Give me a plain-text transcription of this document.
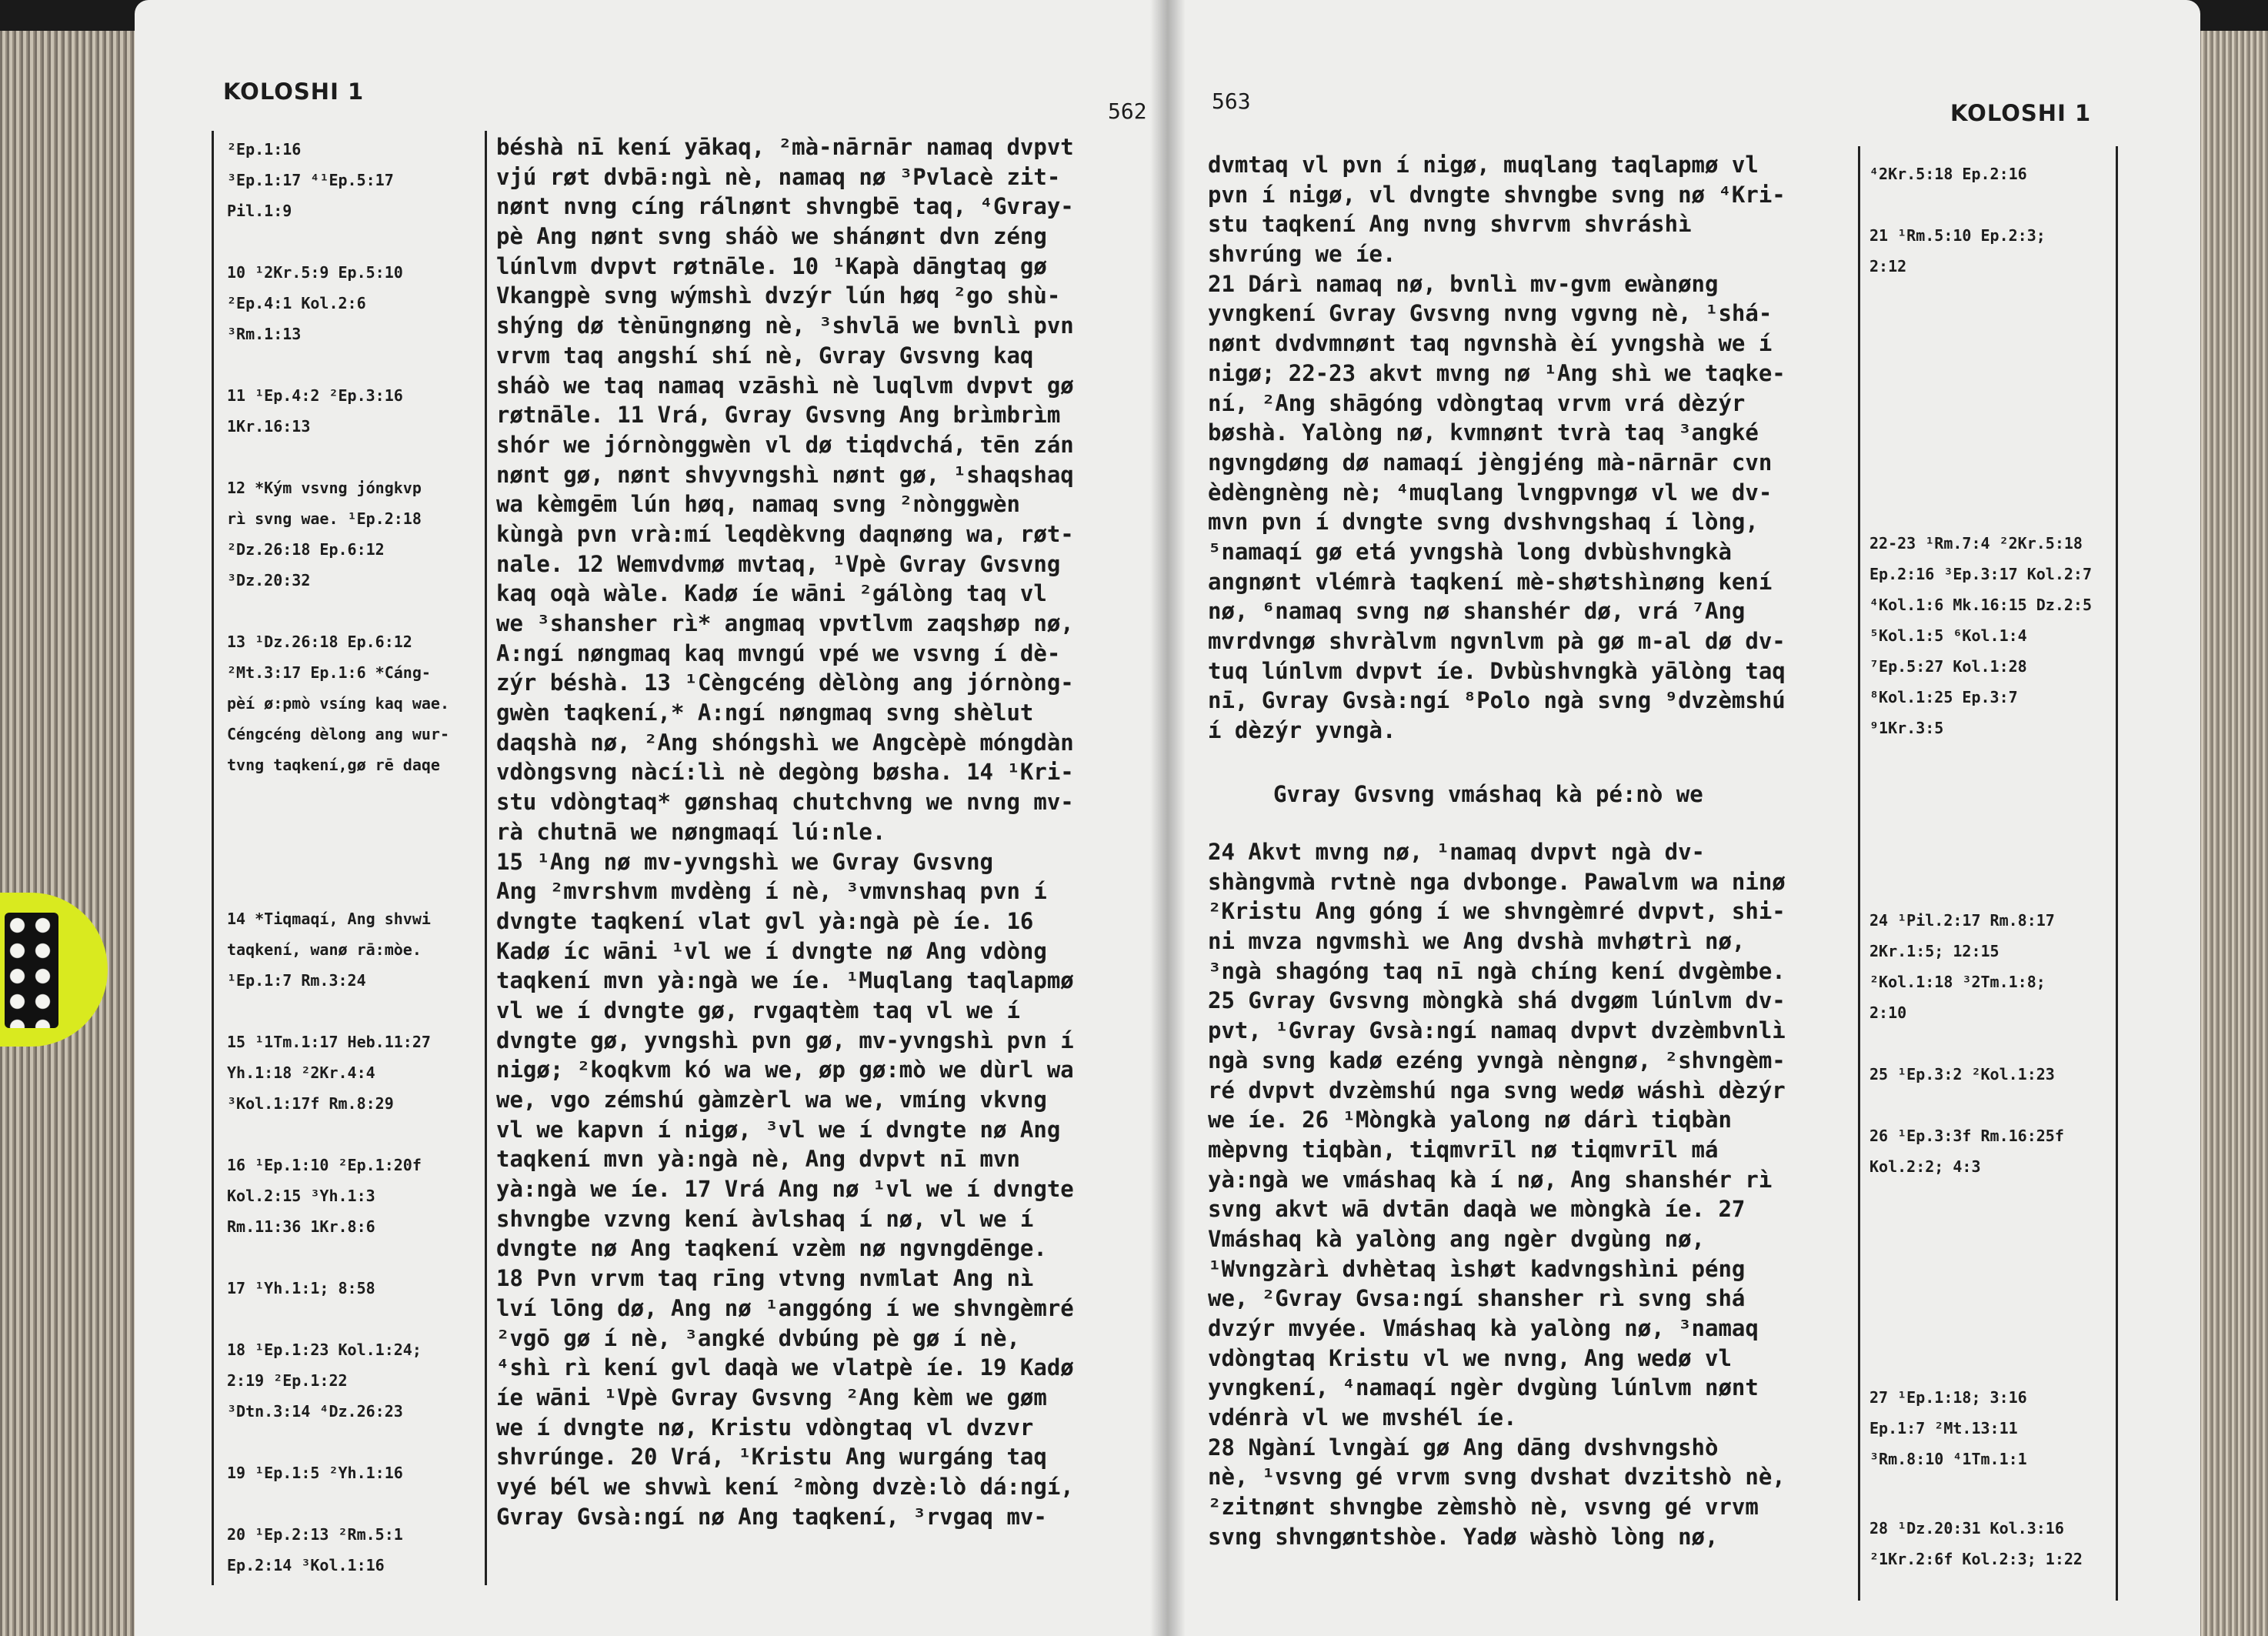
KOLOSHI 1
562
²Ep.1:16
³Ep.1:17 ⁴¹Ep.5:17
Pil.1:9
10 ¹2Kr.5:9 Ep.5:10
²Ep.4:1 Kol.2:6
³Rm.1:13
11 ¹Ep.4:2 ²Ep.3:16
1Kr.16:13
12 *Kým vsvng jóngkvp
rì svng wae. ¹Ep.2:18
²Dz.26:18 Ep.6:12
³Dz.20:32
13 ¹Dz.26:18 Ep.6:12
²Mt.3:17 Ep.1:6 *Cáng-
pèí ø:pmò vsíng kaq wae.
Céngcéng dèlong ang wur-
tvng taqkení,gø rē daqe
14 *Tiqmaqí, Ang shvwi
taqkení, wanø rā:mòe.
¹Ep.1:7 Rm.3:24
15 ¹1Tm.1:17 Heb.11:27
Yh.1:18 ²2Kr.4:4
³Kol.1:17f Rm.8:29
16 ¹Ep.1:10 ²Ep.1:20f
Kol.2:15 ³Yh.1:3
Rm.11:36 1Kr.8:6
17 ¹Yh.1:1; 8:58
18 ¹Ep.1:23 Kol.1:24;
2:19 ²Ep.1:22
³Dtn.3:14 ⁴Dz.26:23
19 ¹Ep.1:5 ²Yh.1:16
20 ¹Ep.2:13 ²Rm.5:1
Ep.2:14 ³Kol.1:16
béshà nī kení yākaq, ²mà-nārnār namaq dvpvt
vjú røt dvbā:ngì nè, namaq nø ³Pvlacè zit-
nønt nvng cíng rálnønt shvngbē taq, ⁴Gvray-
pè Ang nønt svng sháò we shánønt dvn zéng
lúnlvm dvpvt røtnāle. 10 ¹Kapà dāngtaq gø
Vkangpè svng wýmshì dvzýr lún høq ²go shù-
shýng dø tènūngnøng nè, ³shvlā we bvnlì pvn
vrvm taq angshí shí nè, Gvray Gvsvng kaq
sháò we taq namaq vzāshì nè luqlvm dvpvt gø
røtnāle. 11 Vrá, Gvray Gvsvng Ang brìmbrìm
shór we jórnònggwèn vl dø tiqdvchá, tēn zán
nønt gø, nønt shvyvngshì nønt gø, ¹shaqshaq
wa kèmgēm lún høq, namaq svng ²nònggwèn
kùngà pvn vrà:mí leqdèkvng daqnøng wa, røt-
nale. 12 Wemvdvmø mvtaq, ¹Vpè Gvray Gvsvng
kaq oqà wàle. Kadø íe wāni ²gálòng taq vl
we ³shansher rì* angmaq vpvtlvm zaqshøp nø,
A:ngí nøngmaq kaq mvngú vpé we vsvng í dè-
zýr béshà. 13 ¹Cèngcéng dèlòng ang jórnòng-
gwèn taqkení,* A:ngí nøngmaq svng shèlut
daqshà nø, ²Ang shóngshì we Angcèpè móngdàn
vdòngsvng nàcí:lì nè degòng bøsha. 14 ¹Kri-
stu vdòngtaq* gønshaq chutchvng we nvng mv-
rà chutnā we nøngmaqí lú:nle.
15 ¹Ang nø mv-yvngshì we Gvray Gvsvng
Ang ²mvrshvm mvdèng í nè, ³vmvnshaq pvn í
dvngte taqkení vlat gvl yà:ngà pè íe. 16
Kadø íc wāni ¹vl we í dvngte nø Ang vdòng
taqkení mvn yà:ngà we íe. ¹Muqlang taqlapmø
vl we í dvngte gø, rvgaqtèm taq vl we í
dvngte gø, yvngshì pvn gø, mv-yvngshì pvn í
nigø; ²koqkvm kó wa we, øp gø:mò we dùrl wa
we, vgo zémshú gàmzèrl wa we, vmíng vkvng
vl we kapvn í nigø, ³vl we í dvngte nø Ang
taqkení mvn yà:ngà nè, Ang dvpvt nī mvn
yà:ngà we íe. 17 Vrá Ang nø ¹vl we í dvngte
shvngbe vzvng kení àvlshaq í nø, vl we í
dvngte nø Ang taqkení vzèm nø ngvngdēnge.
18 Pvn vrvm taq rīng vtvng nvmlat Ang nì
lví lōng dø, Ang nø ¹anggóng í we shvngèmré
²vgō gø í nè, ³angké dvbúng pè gø í nè,
⁴shì rì kení gvl daqà we vlatpè íe. 19 Kadø
íe wāni ¹Vpè Gvray Gvsvng ²Ang kèm we gøm
we í dvngte nø, Kristu vdòngtaq vl dvzvr
shvrúnge. 20 Vrá, ¹Kristu Ang wurgáng taq
vyé bél we shvwì kení ²mòng dvzè:lò dá:ngí,
Gvray Gvsà:ngí nø Ang taqkení, ³rvgaq mv-
563	KOLOSHI 1
dvmtaq vl pvn í nigø, muqlang taqlapmø vl
pvn í nigø, vl dvngte shvngbe svng nø ⁴Kri-
stu taqkení Ang nvng shvrvm shvráshì
shvrúng we íe.
21 Dárì namaq nø, bvnlì mv-gvm ewànøng
yvngkení Gvray Gvsvng nvng vgvng nè, ¹shá-
nønt dvdvmnønt taq ngvnshà èí yvngshà we í
nigø; 22-23 akvt mvng nø ¹Ang shì we taqke-
ní, ²Ang shāgóng vdòngtaq vrvm vrá dèzýr
bøshà. Yalòng nø, kvmnønt tvrà taq ³angké
ngvngdøng dø namaqí jèngjéng mà-nārnār cvn
èdèngnèng nè; ⁴muqlang lvngpvngø vl we dv-
mvn pvn í dvngte svng dvshvngshaq í lòng,
⁵namaqí gø etá yvngshà long dvbùshvngkà
angnønt vlémrà taqkení mè-shøtshìnøng kení
nø, ⁶namaq svng nø shanshér dø, vrá ⁷Ang
mvrdvngø shvràlvm ngvnlvm pà gø m-al dø dv-
tuq lúnlvm dvpvt íe. Dvbùshvngkà yālòng taq
nī, Gvray Gvsà:ngí ⁸Polo ngà svng ⁹dvzèmshú
í dèzýr yvngà.
Gvray Gvsvng vmáshaq kà pé:nò we
24 Akvt mvng nø, ¹namaq dvpvt ngà dv-
shàngvmà rvtnè nga dvbonge. Pawalvm wa ninø
²Kristu Ang góng í we shvngèmré dvpvt, shi-
ni mvza ngvmshì we Ang dvshà mvhøtrì nø,
³ngà shagóng taq nī ngà chíng kení dvgèmbe.
25 Gvray Gvsvng mòngkà shá dvgøm lúnlvm dv-
pvt, ¹Gvray Gvsà:ngí namaq dvpvt dvzèmbvnlì
ngà svng kadø ezéng yvngà nèngnø, ²shvngèm-
ré dvpvt dvzèmshú nga svng wedø wáshì dèzýr
we íe. 26 ¹Mòngkà yalong nø dárì tiqbàn
mèpvng tiqbàn, tiqmvrīl nø tiqmvrīl má
yà:ngà we vmáshaq kà í nø, Ang shanshér rì
svng akvt wā dvtān daqà we mòngkà íe. 27
Vmáshaq kà yalòng ang ngèr dvgùng nø,
¹Wvngzàrì dvhètaq ìshøt kadvngshìni péng
we, ²Gvray Gvsa:ngí shansher rì svng shá
dvzýr mvyée. Vmáshaq kà yalòng nø, ³namaq
vdòngtaq Kristu vl we nvng, Ang wedø vl
yvngkení, ⁴namaqí ngèr dvgùng lúnlvm nønt
vdénrà vl we mvshél íe.
28 Ngàní lvngàí gø Ang dāng dvshvngshò
nè, ¹vsvng gé vrvm svng dvshat dvzitshò nè,
²zitnønt shvngbe zèmshò nè, vsvng gé vrvm
svng shvngøntshòe. Yadø wàshò lòng nø,
⁴2Kr.5:18 Ep.2:16
21 ¹Rm.5:10 Ep.2:3;
2:12
22-23 ¹Rm.7:4 ²2Kr.5:18
Ep.2:16 ³Ep.3:17 Kol.2:7
⁴Kol.1:6 Mk.16:15 Dz.2:5
⁵Kol.1:5 ⁶Kol.1:4
⁷Ep.5:27 Kol.1:28
⁸Kol.1:25 Ep.3:7
⁹1Kr.3:5
24 ¹Pil.2:17 Rm.8:17
2Kr.1:5; 12:15
²Kol.1:18 ³2Tm.1:8;
2:10
25 ¹Ep.3:2 ²Kol.1:23
26 ¹Ep.3:3f Rm.16:25f
Kol.2:2; 4:3
27 ¹Ep.1:18; 3:16
Ep.1:7 ²Mt.13:11
³Rm.8:10 ⁴1Tm.1:1
28 ¹Dz.20:31 Kol.3:16
²1Kr.2:6f Kol.2:3; 1:22
